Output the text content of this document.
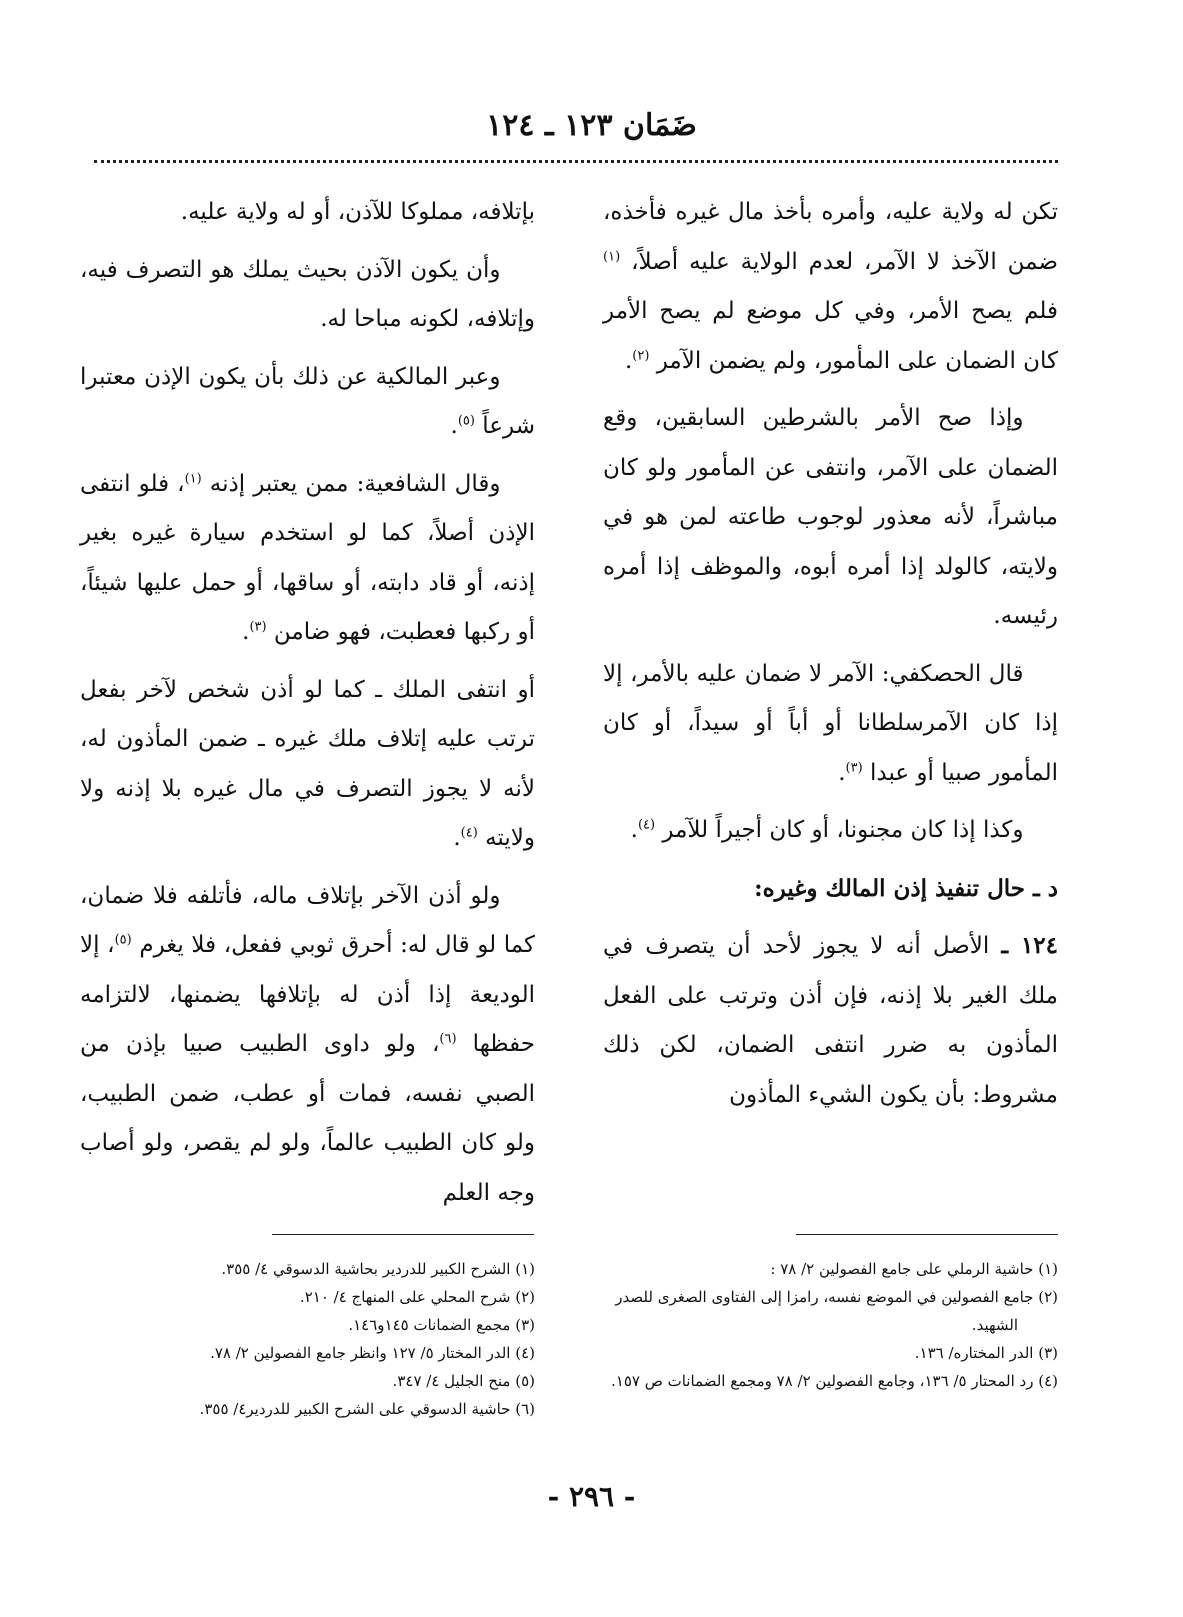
ضَمَان ١٢٣ ـ ١٢٤

تكن له ولاية عليه، وأمره بأخذ مال غيره فأخذه، ضمن الآخذ لا الآمر، لعدم الولاية عليه أصلاً، $^{(١)}$ فلم يصح الأمر، وفي كل موضع لم يصح الأمر كان الضمان على المأمور، ولم يضمن الآمر $^{(٢)}$.

وإذا صح الأمر بالشرطين السابقين، وقع الضمان على الآمر، وانتفى عن المأمور ولو كان مباشراً، لأنه معذور لوجوب طاعته لمن هو في ولايته، كالولد إذا أمره أبوه، والموظف إذا أمره رئيسه.

قال الحصكفي: الآمر لا ضمان عليه بالأمر، إلا إذا كان الآمرسلطانا أو أباً أو سيداً، أو كان المأمور صبيا أو عبدا $^{(٣)}$.

وكذا إذا كان مجنونا، أو كان أجيراً للآمر $^{(٤)}$.

د ـ حال تنفيذ إذن المالك وغيره:

١٢٤ ـ الأصل أنه لا يجوز لأحد أن يتصرف في ملك الغير بلا إذنه، فإن أذن وترتب على الفعل المأذون به ضرر انتفى الضمان، لكن ذلك مشروط: بأن يكون الشيء المأذون

بإتلافه، مملوكا للآذن، أو له ولاية عليه.

وأن يكون الآذن بحيث يملك هو التصرف فيه، وإتلافه، لكونه مباحا له.

وعبر المالكية عن ذلك بأن يكون الإذن معتبرا شرعاً $^{(٥)}$.

وقال الشافعية: ممن يعتبر إذنه $^{(١)}$، فلو انتفى الإذن أصلاً، كما لو استخدم سيارة غيره بغير إذنه، أو قاد دابته، أو ساقها، أو حمل عليها شيئاً، أو ركبها فعطبت، فهو ضامن $^{(٣)}$.

أو انتفى الملك ـ كما لو أذن شخص لآخر بفعل ترتب عليه إتلاف ملك غيره ـ ضمن المأذون له، لأنه لا يجوز التصرف في مال غيره بلا إذنه ولا ولايته $^{(٤)}$.

ولو أذن الآخر بإتلاف ماله، فأتلفه فلا ضمان، كما لو قال له: أحرق ثوبي ففعل، فلا يغرم $^{(٥)}$، إلا الوديعة إذا أذن له بإتلافها يضمنها، لالتزامه حفظها $^{(٦)}$، ولو داوى الطبيب صبيا بإذن من الصبي نفسه، فمات أو عطب، ضمن الطبيب، ولو كان الطبيب عالماً، ولو لم يقصر، ولو أصاب وجه العلم

(١) حاشية الرملي على جامع الفصولين ٢/ ٧٨ :
(٢) جامع الفصولين في الموضع نفسه، رامزا إلى الفتاوى الصغرى للصدر الشهيد.
(٣) الدر المختاره/ ١٣٦.
(٤) رد المحتار ٥/ ١٣٦، وجامع الفصولين ٢/ ٧٨ ومجمع الضمانات ص ١٥٧.
(١) الشرح الكبير للدردير بحاشية الدسوقي ٤/ ٣٥٥.
(٢) شرح المحلي على المنهاج ٤/ ٢١٠.
(٣) مجمع الضمانات ١٤٥و١٤٦.
(٤) الدر المختار ٥/ ١٢٧ وانظر جامع الفصولين ٢/ ٧٨.
(٥) منح الجليل ٤/ ٣٤٧.
(٦) حاشية الدسوقي على الشرح الكبير للدردير٤/ ٣٥٥.
- ٢٩٦ -
